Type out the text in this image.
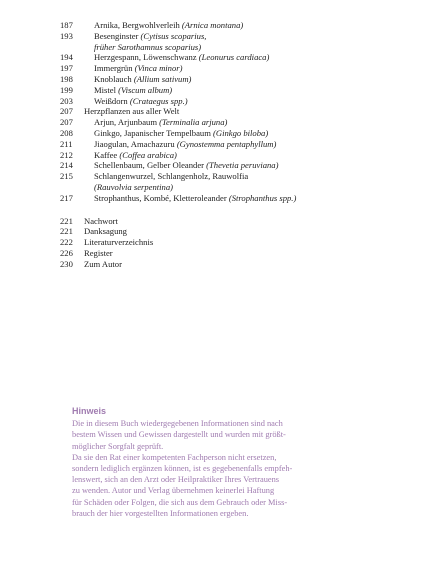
187	Arnika, Bergwohlverleih (Arnica montana)
193	Besenginster (Cytisus scoparius,
früher Sarothamnus scoparius)
194	Herzgespann, Löwenschwanz (Leonurus cardiaca)
197	Immergrün (Vinca minor)
198	Knoblauch (Allium sativum)
199	Mistel (Viscum album)
203	Weißdorn (Crataegus spp.)
207	Herzpflanzen aus aller Welt
207	Arjun, Arjunbaum (Terminalia arjuna)
208	Ginkgo, Japanischer Tempelbaum (Ginkgo biloba)
211	Jiaogulan, Amachazuru (Gynostemma pentaphyllum)
212	Kaffee (Coffea arabica)
214	Schellenbaum, Gelber Oleander (Thevetia peruviana)
215	Schlangenwurzel, Schlangenholz, Rauwolfia
(Rauvolvia serpentina)
217	Strophanthus, Kombé, Kletteroleander (Strophanthus spp.)
221	Nachwort
221	Danksagung
222	Literaturverzeichnis
226	Register
230	Zum Autor
Hinweis

Die in diesem Buch wiedergegebenen Informationen sind nach
bestem Wissen und Gewissen dargestellt und wurden mit größt-
möglicher Sorgfalt geprüft.

Da sie den Rat einer kompetenten Fachperson nicht ersetzen,
sondern lediglich ergänzen können, ist es gegebenenfalls empfeh-
lenswert, sich an den Arzt oder Heilpraktiker Ihres Vertrauens
zu wenden. Autor und Verlag übernehmen keinerlei Haftung
für Schäden oder Folgen, die sich aus dem Gebrauch oder Miss-
brauch der hier vorgestellten Informationen ergeben.
